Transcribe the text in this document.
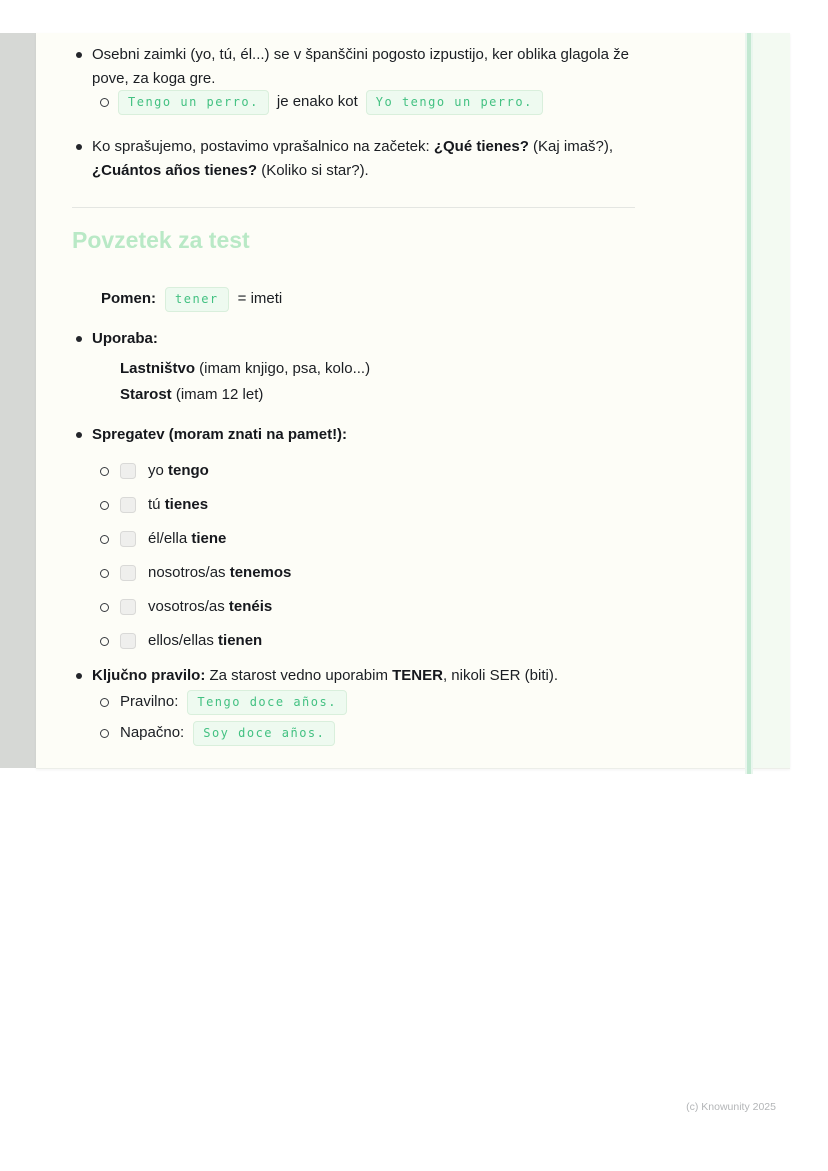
Osebni zaimki (yo, tú, él...) se v španščini pogosto izpustijo, ker oblika glagola že pove, za koga gre.
Tengo un perro.	je enako kot	Yo tengo un perro.
Ko sprašujemo, postavimo vprašalnico na začetek: ¿Qué tienes? (Kaj imaš?), ¿Cuántos años tienes? (Koliko si star?).
Povzetek za test
Pomen:	tener	= imeti
Uporaba:
Lastništvo (imam knjigo, psa, kolo...)
Starost (imam 12 let)
Spregatev (moram znati na pamet!):
yo tengo
tú tienes
él/ella tiene
nosotros/as tenemos
vosotros/as tenéis
ellos/ellas tienen
Ključno pravilo: Za starost vedno uporabim TENER, nikoli SER (biti).
Pravilno:	Tengo doce años.
Napačno:	Soy doce años.
(c) Knowunity 2025
